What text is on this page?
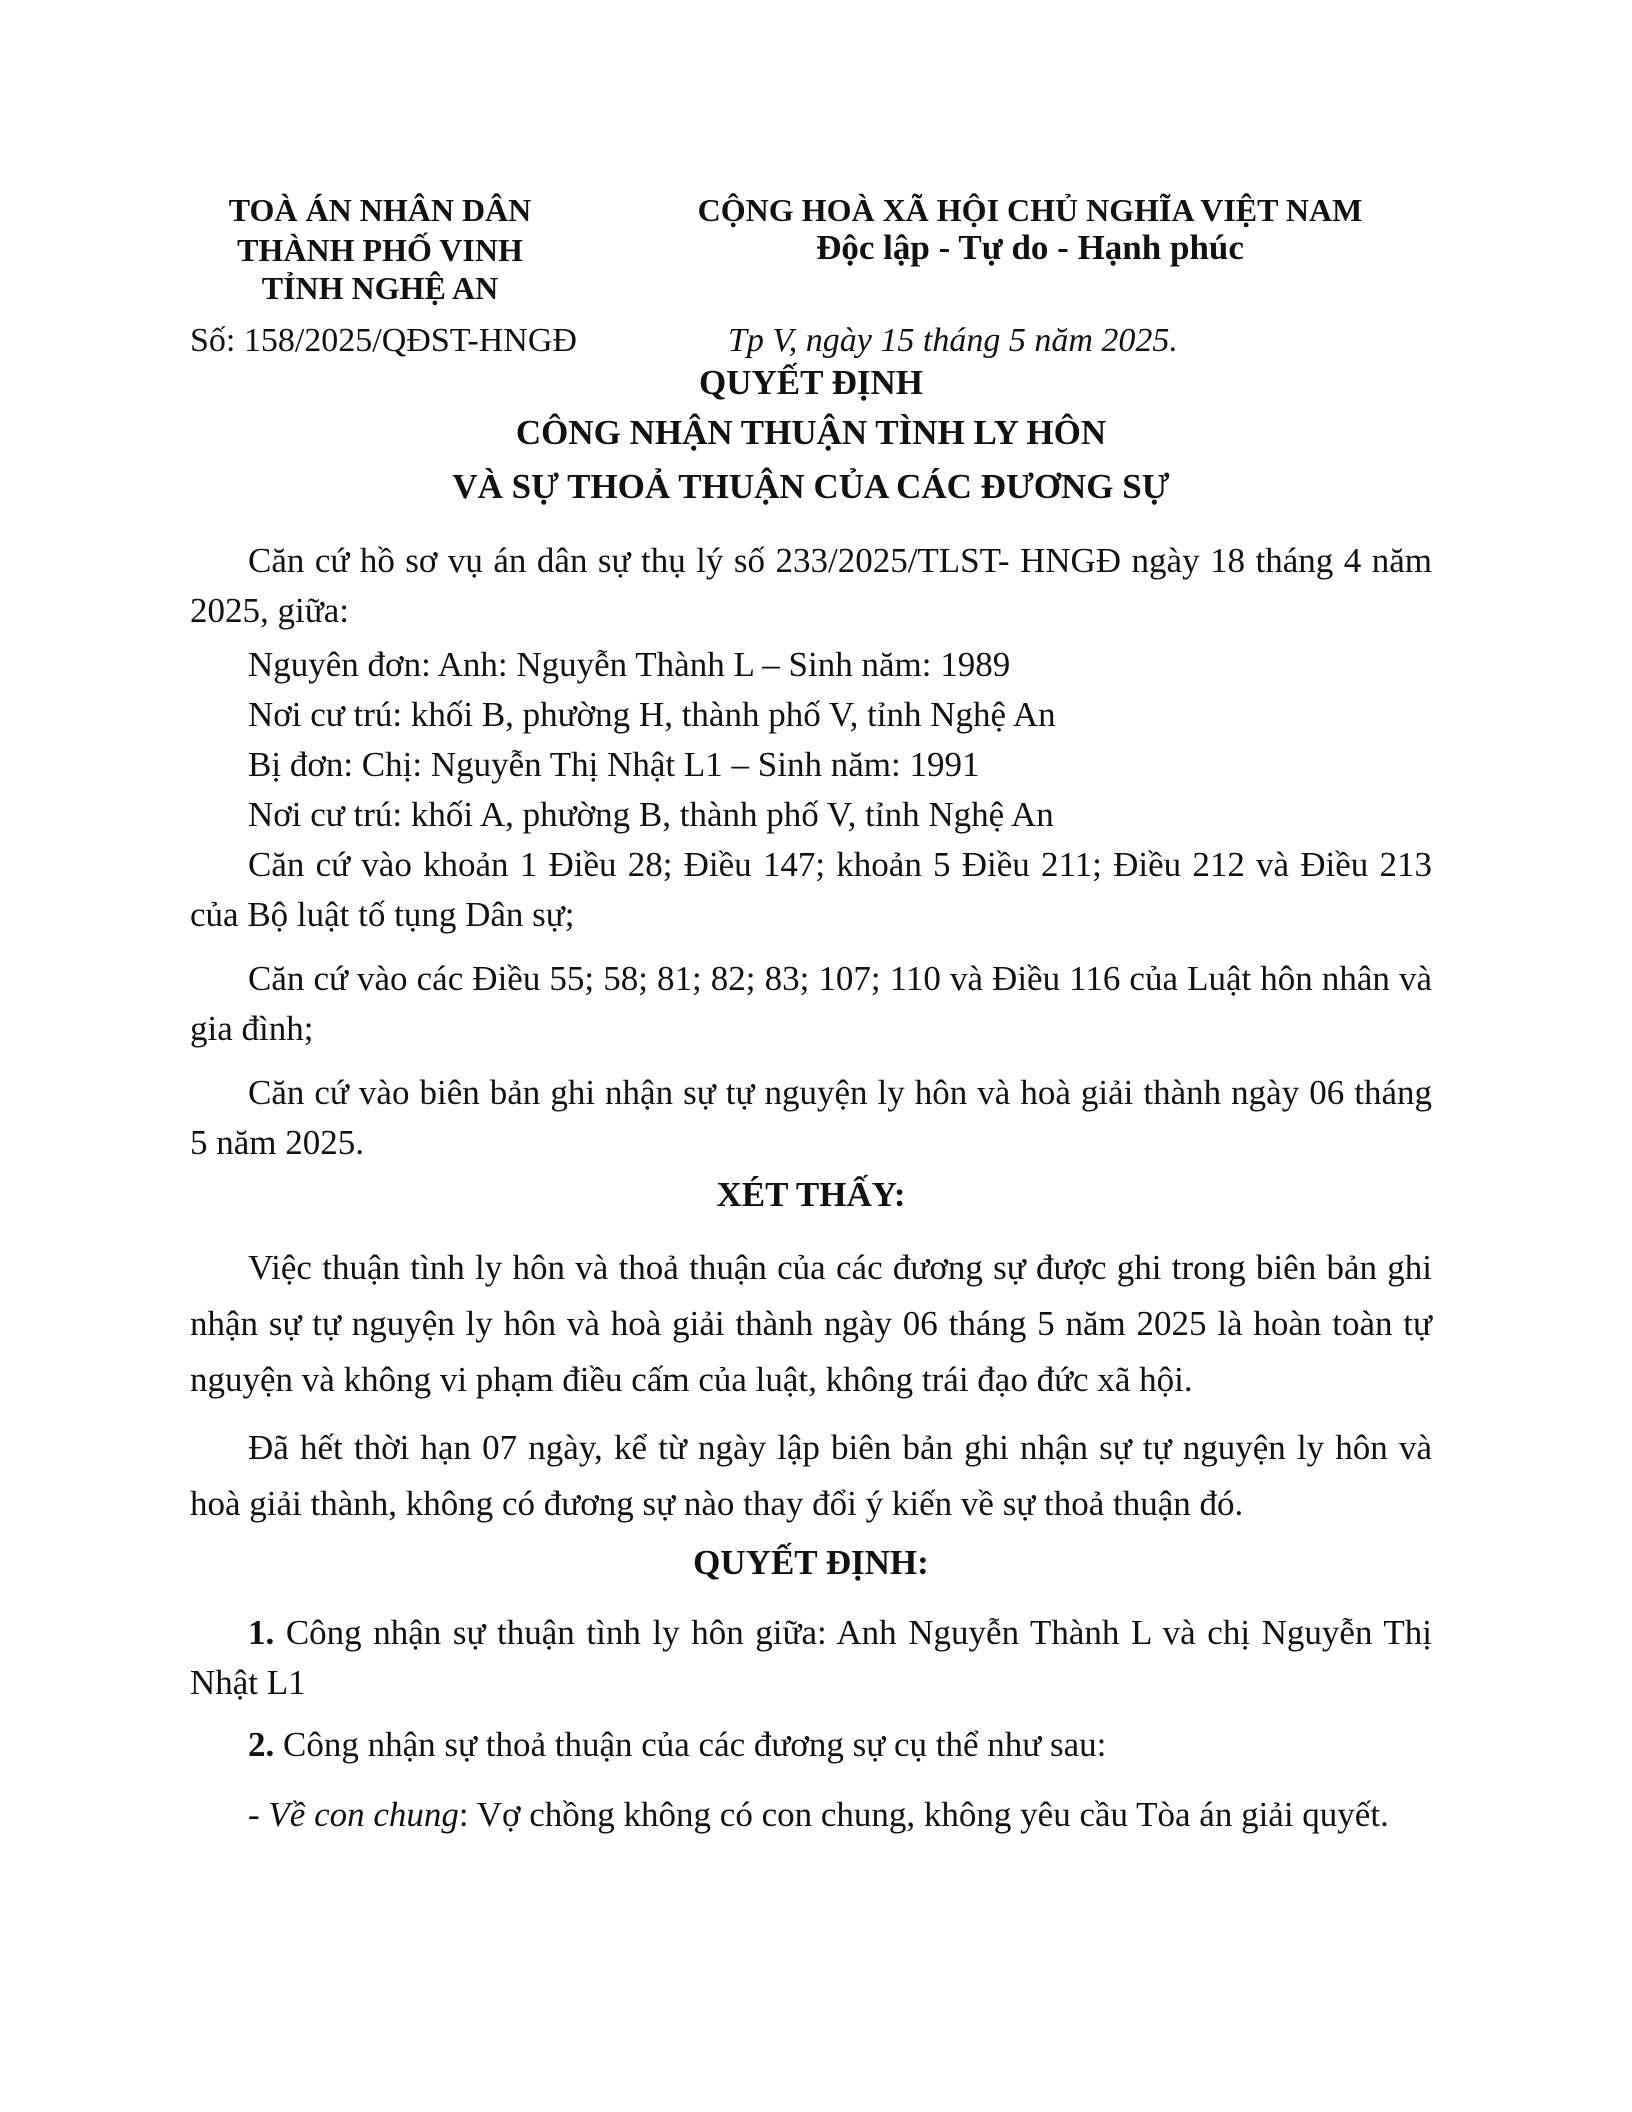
TOÀ ÁN NHÂN DÂN
THÀNH PHỐ VINH
TỈNH NGHỆ AN
CỘNG HOÀ XÃ HỘI CHỦ NGHĨA VIỆT NAM
Độc lập - Tự do - Hạnh phúc
Số: 158/2025/QĐST-HNGĐ	Tp V, ngày 15 tháng 5 năm 2025.
QUYẾT ĐỊNH
CÔNG NHẬN THUẬN TÌNH LY HÔN
VÀ SỰ THOẢ THUẬN CỦA CÁC ĐƯƠNG SỰ
Căn cứ hồ sơ vụ án dân sự thụ lý số 233/2025/TLST- HNGĐ ngày 18 tháng 4 năm 2025, giữa:
Nguyên đơn: Anh: Nguyễn Thành L – Sinh năm: 1989
Nơi cư trú: khối B, phường H, thành phố V, tỉnh Nghệ An
Bị đơn: Chị: Nguyễn Thị Nhật L1 – Sinh năm: 1991
Nơi cư trú: khối A, phường B, thành phố V, tỉnh Nghệ An
Căn cứ vào khoản 1 Điều 28; Điều 147; khoản 5 Điều 211; Điều 212 và Điều 213 của Bộ luật tố tụng Dân sự;
Căn cứ vào các Điều 55; 58; 81; 82; 83; 107; 110 và Điều 116 của Luật hôn nhân và gia đình;
Căn cứ vào biên bản ghi nhận sự tự nguyện ly hôn và hoà giải thành ngày 06 tháng 5 năm 2025.
XÉT THẤY:
Việc thuận tình ly hôn và thoả thuận của các đương sự được ghi trong biên bản ghi nhận sự tự nguyện ly hôn và hoà giải thành ngày 06 tháng 5 năm 2025 là hoàn toàn tự nguyện và không vi phạm điều cấm của luật, không trái đạo đức xã hội.
Đã hết thời hạn 07 ngày, kể từ ngày lập biên bản ghi nhận sự tự nguyện ly hôn và hoà giải thành, không có đương sự nào thay đổi ý kiến về sự thoả thuận đó.
QUYẾT ĐỊNH:
1. Công nhận sự thuận tình ly hôn giữa: Anh Nguyễn Thành L và chị Nguyễn Thị Nhật L1
2. Công nhận sự thoả thuận của các đương sự cụ thể như sau:
- Về con chung: Vợ chồng không có con chung, không yêu cầu Tòa án giải quyết.
